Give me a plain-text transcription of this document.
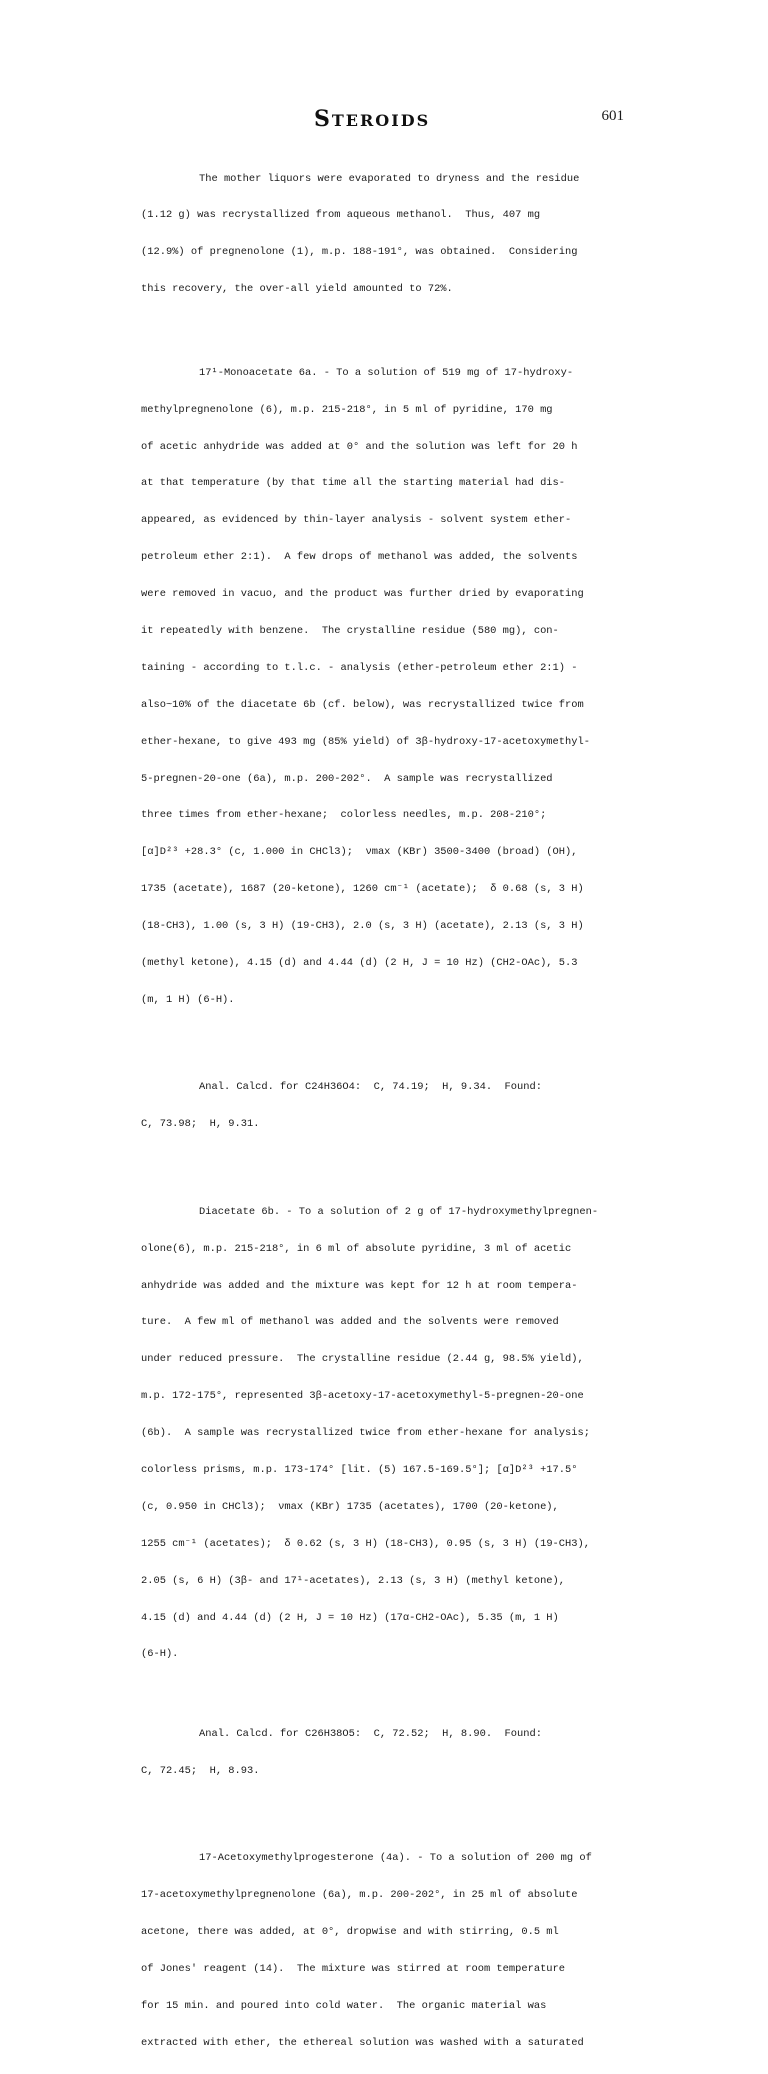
STEROIDS	601

The mother liquors were evaporated to dryness and the residue

(1.12 g) was recrystallized from aqueous methanol.  Thus, 407 mg

(12.9%) of pregnenolone (1), m.p. 188-191°, was obtained.  Considering

this recovery, the over-all yield amounted to 72%.

17¹-Monoacetate 6a. - To a solution of 519 mg of 17-hydroxy-

methylpregnenolone (6), m.p. 215-218°, in 5 ml of pyridine, 170 mg

of acetic anhydride was added at 0° and the solution was left for 20 h

at that temperature (by that time all the starting material had dis-

appeared, as evidenced by thin-layer analysis - solvent system ether-

petroleum ether 2:1).  A few drops of methanol was added, the solvents

were removed in vacuo, and the product was further dried by evaporating

it repeatedly with benzene.  The crystalline residue (580 mg), con-

taining - according to t.l.c. - analysis (ether-petroleum ether 2:1) -

also~10% of the diacetate 6b (cf. below), was recrystallized twice from

ether-hexane, to give 493 mg (85% yield) of 3β-hydroxy-17-acetoxymethyl-

5-pregnen-20-one (6a), m.p. 200-202°.  A sample was recrystallized

three times from ether-hexane;  colorless needles, m.p. 208-210°;

[α]D²³ +28.3° (c, 1.000 in CHCl3);  νmax (KBr) 3500-3400 (broad) (OH),

1735 (acetate), 1687 (20-ketone), 1260 cm⁻¹ (acetate);  δ 0.68 (s, 3 H)

(18-CH3), 1.00 (s, 3 H) (19-CH3), 2.0 (s, 3 H) (acetate), 2.13 (s, 3 H)

(methyl ketone), 4.15 (d) and 4.44 (d) (2 H, J = 10 Hz) (CH2-OAc), 5.3

(m, 1 H) (6-H).

Anal. Calcd. for C24H36O4:  C, 74.19;  H, 9.34.  Found:

C, 73.98;  H, 9.31.

Diacetate 6b. - To a solution of 2 g of 17-hydroxymethylpregnen-

olone(6), m.p. 215-218°, in 6 ml of absolute pyridine, 3 ml of acetic

anhydride was added and the mixture was kept for 12 h at room tempera-

ture.  A few ml of methanol was added and the solvents were removed

under reduced pressure.  The crystalline residue (2.44 g, 98.5% yield),

m.p. 172-175°, represented 3β-acetoxy-17-acetoxymethyl-5-pregnen-20-one

(6b).  A sample was recrystallized twice from ether-hexane for analysis;

colorless prisms, m.p. 173-174° [lit. (5) 167.5-169.5°]; [α]D²³ +17.5°

(c, 0.950 in CHCl3);  νmax (KBr) 1735 (acetates), 1700 (20-ketone),

1255 cm⁻¹ (acetates);  δ 0.62 (s, 3 H) (18-CH3), 0.95 (s, 3 H) (19-CH3),

2.05 (s, 6 H) (3β- and 17¹-acetates), 2.13 (s, 3 H) (methyl ketone),

4.15 (d) and 4.44 (d) (2 H, J = 10 Hz) (17α-CH2-OAc), 5.35 (m, 1 H)

(6-H).

Anal. Calcd. for C26H38O5:  C, 72.52;  H, 8.90.  Found:

C, 72.45;  H, 8.93.

17-Acetoxymethylprogesterone (4a). - To a solution of 200 mg of

17-acetoxymethylpregnenolone (6a), m.p. 200-202°, in 25 ml of absolute

acetone, there was added, at 0°, dropwise and with stirring, 0.5 ml

of Jones' reagent (14).  The mixture was stirred at room temperature

for 15 min. and poured into cold water.  The organic material was

extracted with ether, the ethereal solution was washed with a saturated
